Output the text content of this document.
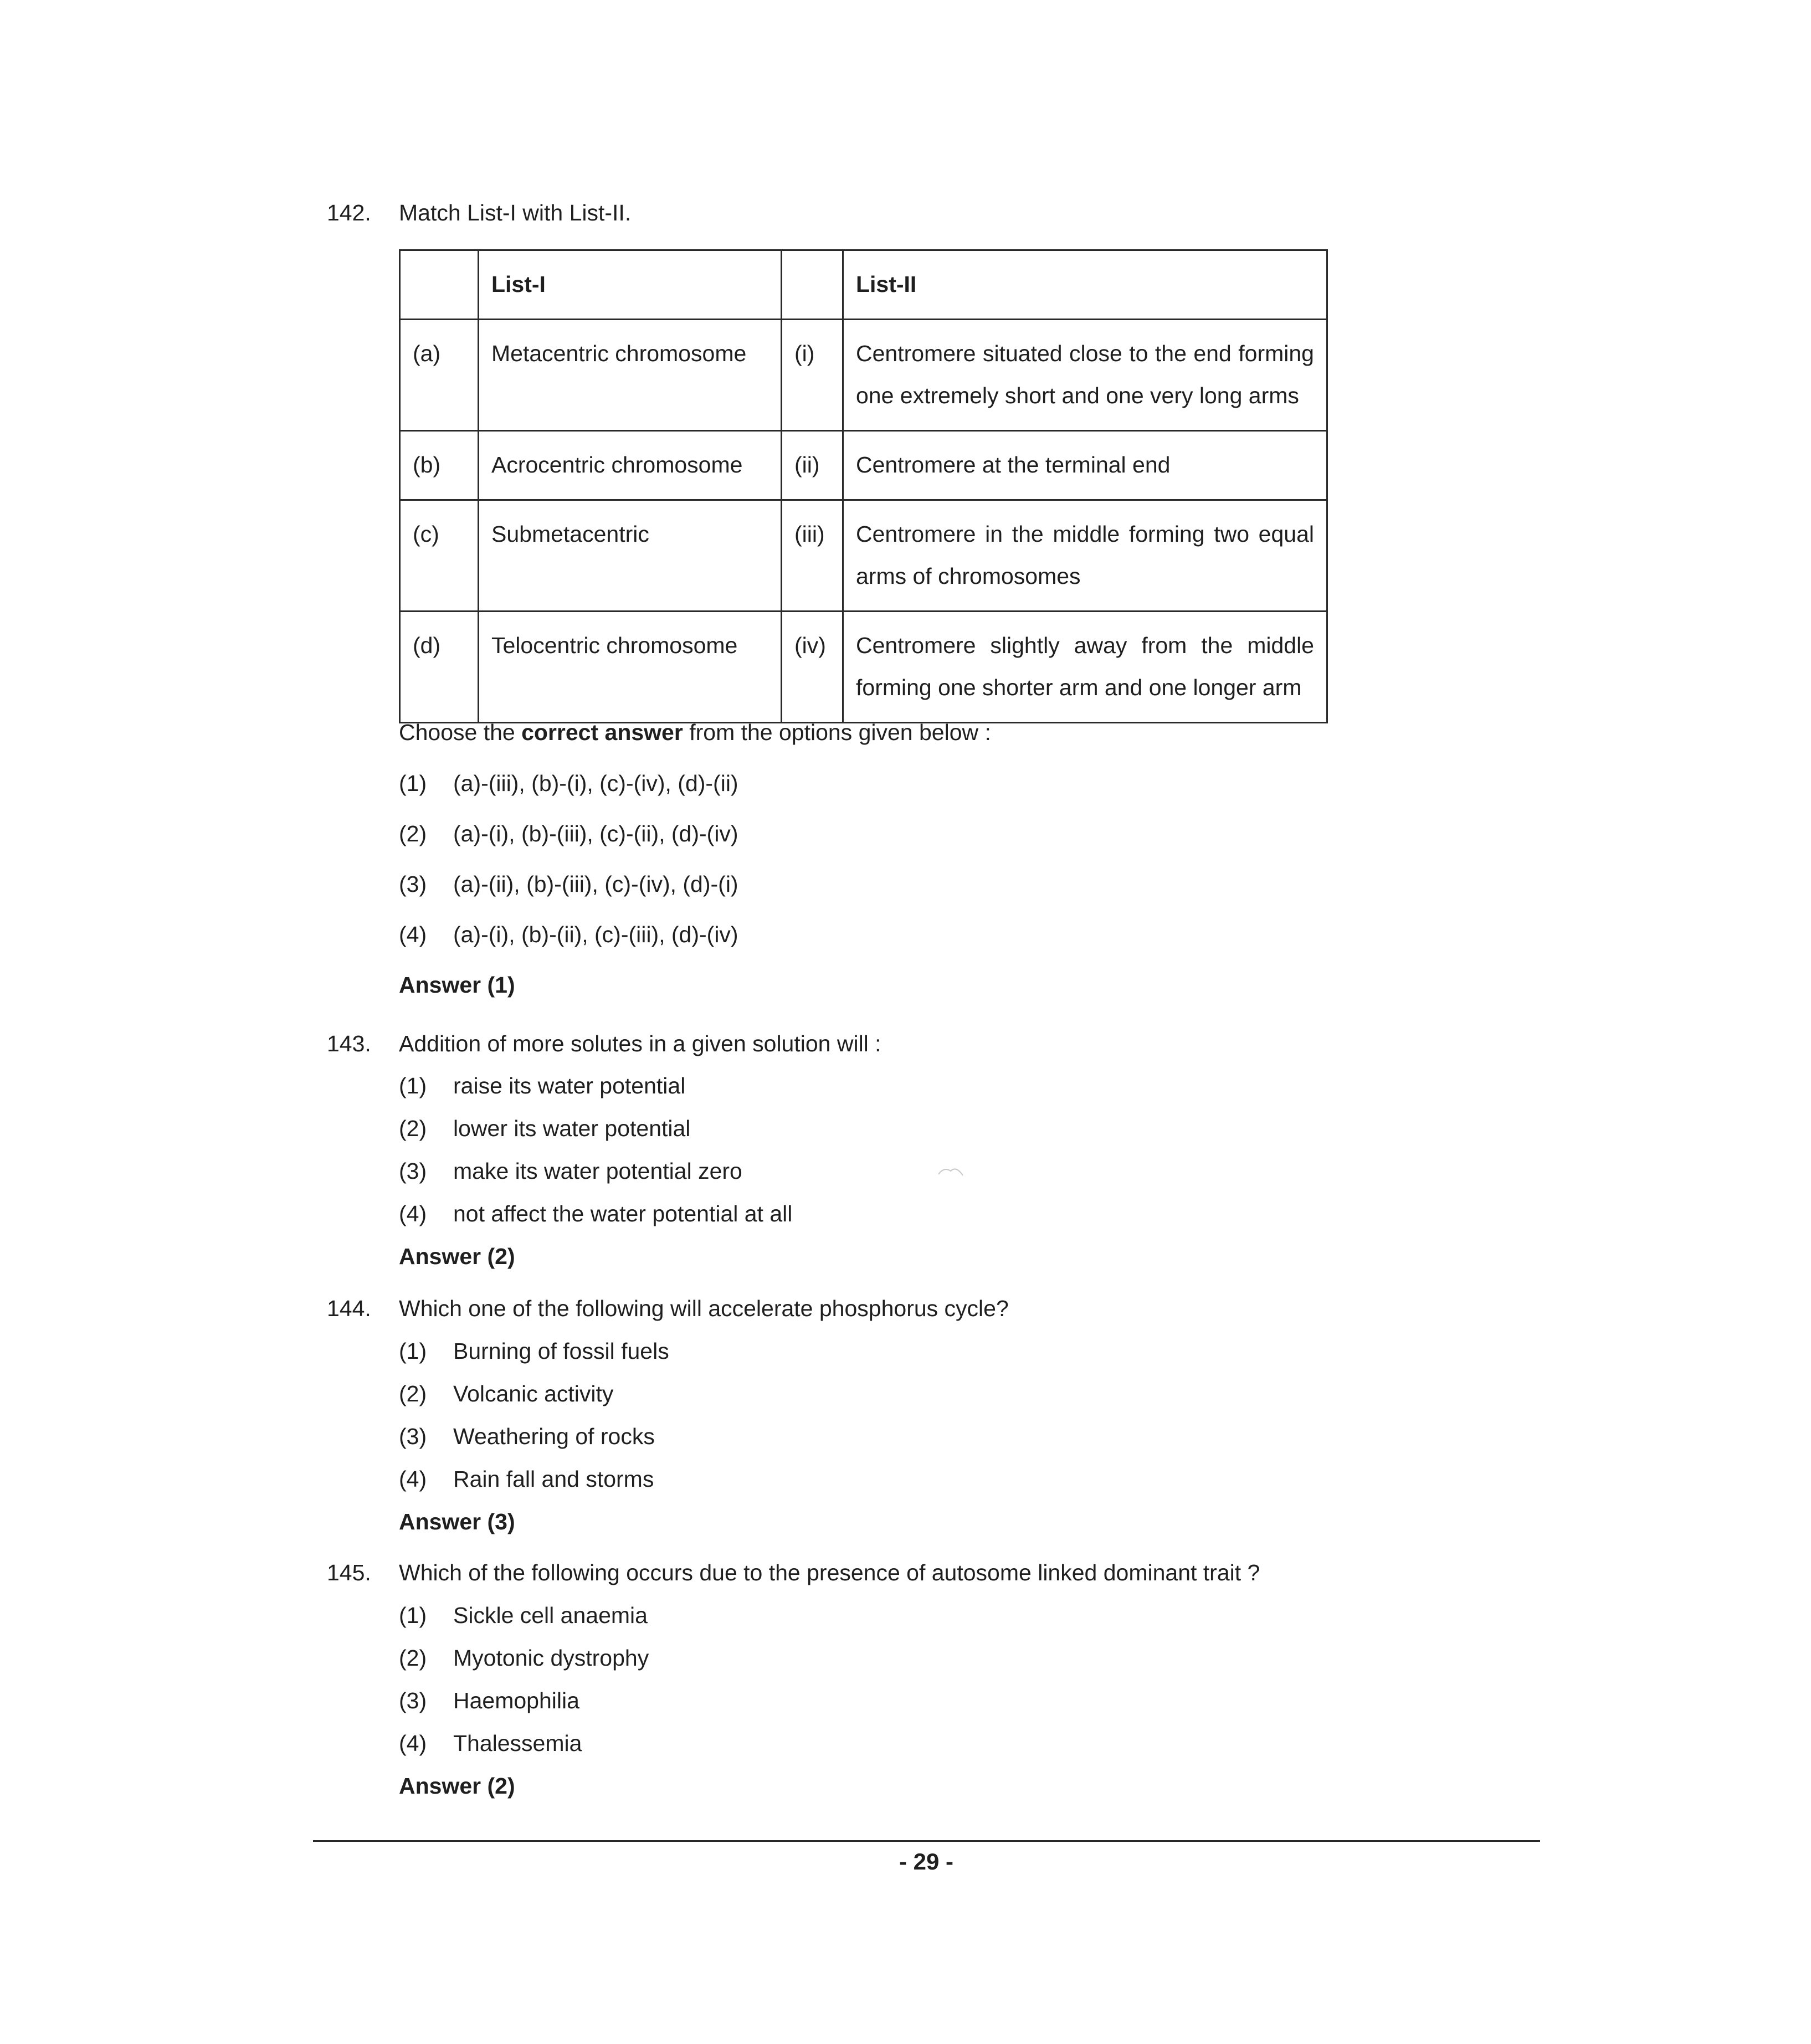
142.	Match List-I with List-II.
	List-I		List-II
(a)	Metacentric chromosome	(i)	Centromere situated close to the end forming one extremely short and one very long arms
(b)	Acrocentric chromosome	(ii)	Centromere at the terminal end
(c)	Submetacentric	(iii)	Centromere in the middle forming two equal arms of chromosomes
(d)	Telocentric chromosome	(iv)	Centromere slightly away from the middle forming one shorter arm and one longer arm
Choose the correct answer from the options given below :
(1) (a)-(iii), (b)-(i), (c)-(iv), (d)-(ii)
(2) (a)-(i), (b)-(iii), (c)-(ii), (d)-(iv)
(3) (a)-(ii), (b)-(iii), (c)-(iv), (d)-(i)
(4) (a)-(i), (b)-(ii), (c)-(iii), (d)-(iv)
Answer (1)
143.	Addition of more solutes in a given solution will :
(1) raise its water potential
(2) lower its water potential
(3) make its water potential zero
(4) not affect the water potential at all
Answer (2)
144.	Which one of the following will accelerate phosphorus cycle?
(1) Burning of fossil fuels
(2) Volcanic activity
(3) Weathering of rocks
(4) Rain fall and storms
Answer (3)
145.	Which of the following occurs due to the presence of autosome linked dominant trait ?
(1) Sickle cell anaemia
(2) Myotonic dystrophy
(3) Haemophilia
(4) Thalessemia
Answer (2)
- 29 -
